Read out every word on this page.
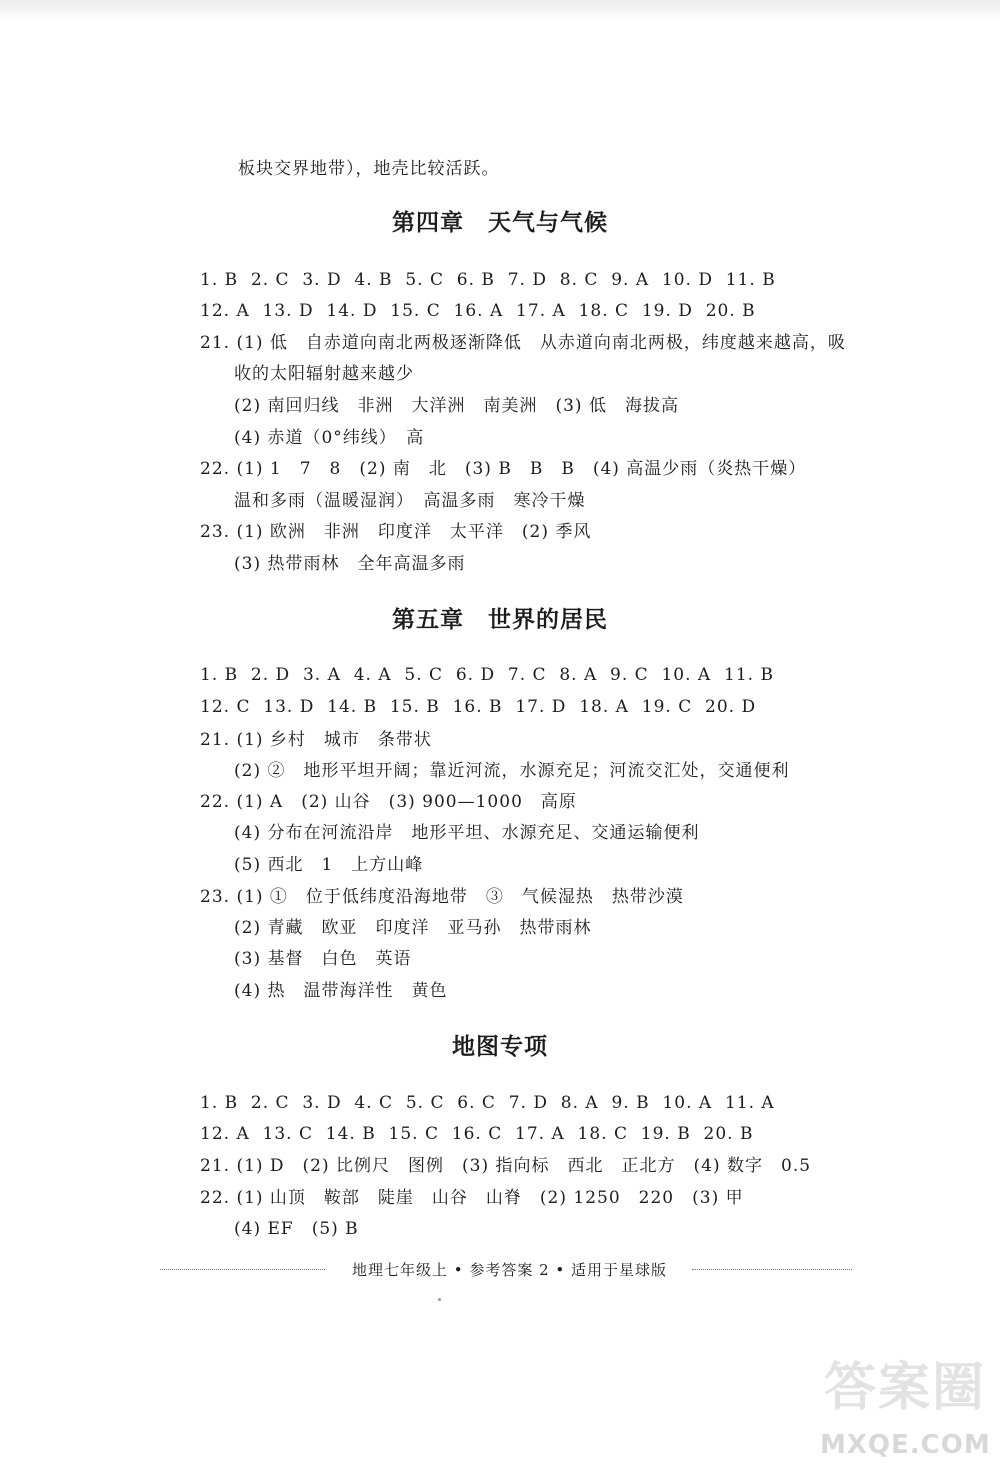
板块交界地带），地壳比较活跃。
第四章　天气与气候
1. B  2. C  3. D  4. B  5. C  6. B  7. D  8. C  9. A  10. D  11. B
12. A  13. D  14. D  15. C  16. A  17. A  18. C  19. D  20. B
21. (1) 低　自赤道向南北两极逐渐降低　从赤道向南北两极，纬度越来越高，吸
收的太阳辐射越来越少
(2) 南回归线　非洲　大洋洲　南美洲　(3) 低　海拔高
(4) 赤道（0°纬线）　高
22. (1) 1　7　8　(2) 南　北　(3) B　B　B　(4) 高温少雨（炎热干燥）
温和多雨（温暖湿润）　高温多雨　寒冷干燥
23. (1) 欧洲　非洲　印度洋　太平洋　(2) 季风
(3) 热带雨林　全年高温多雨
第五章　世界的居民
1. B  2. D  3. A  4. A  5. C  6. D  7. C  8. A  9. C  10. A  11. B
12. C  13. D  14. B  15. B  16. B  17. D  18. A  19. C  20. D
21. (1) 乡村　城市　条带状
(2) ②　地形平坦开阔；靠近河流，水源充足；河流交汇处，交通便利
22. (1) A　(2) 山谷　(3) 900—1000　高原
(4) 分布在河流沿岸　地形平坦、水源充足、交通运输便利
(5) 西北　1　上方山峰
23. (1) ①　位于低纬度沿海地带　③　气候湿热　热带沙漠
(2) 青藏　欧亚　印度洋　亚马孙　热带雨林
(3) 基督　白色　英语
(4) 热　温带海洋性　黄色
地图专项
1. B  2. C  3. D  4. C  5. C  6. C  7. D  8. A  9. B  10. A  11. A
12. A  13. C  14. B  15. C  16. C  17. A  18. C  19. B  20. B
21. (1) D　(2) 比例尺　图例　(3) 指向标　西北　正北方　(4) 数字　0.5
22. (1) 山顶　鞍部　陡崖　山谷　山脊　(2) 1250　220　(3) 甲
(4) EF　(5) B
地理七年级上 • 参考答案 2 • 适用于星球版
答案圈
MXQE.COM
